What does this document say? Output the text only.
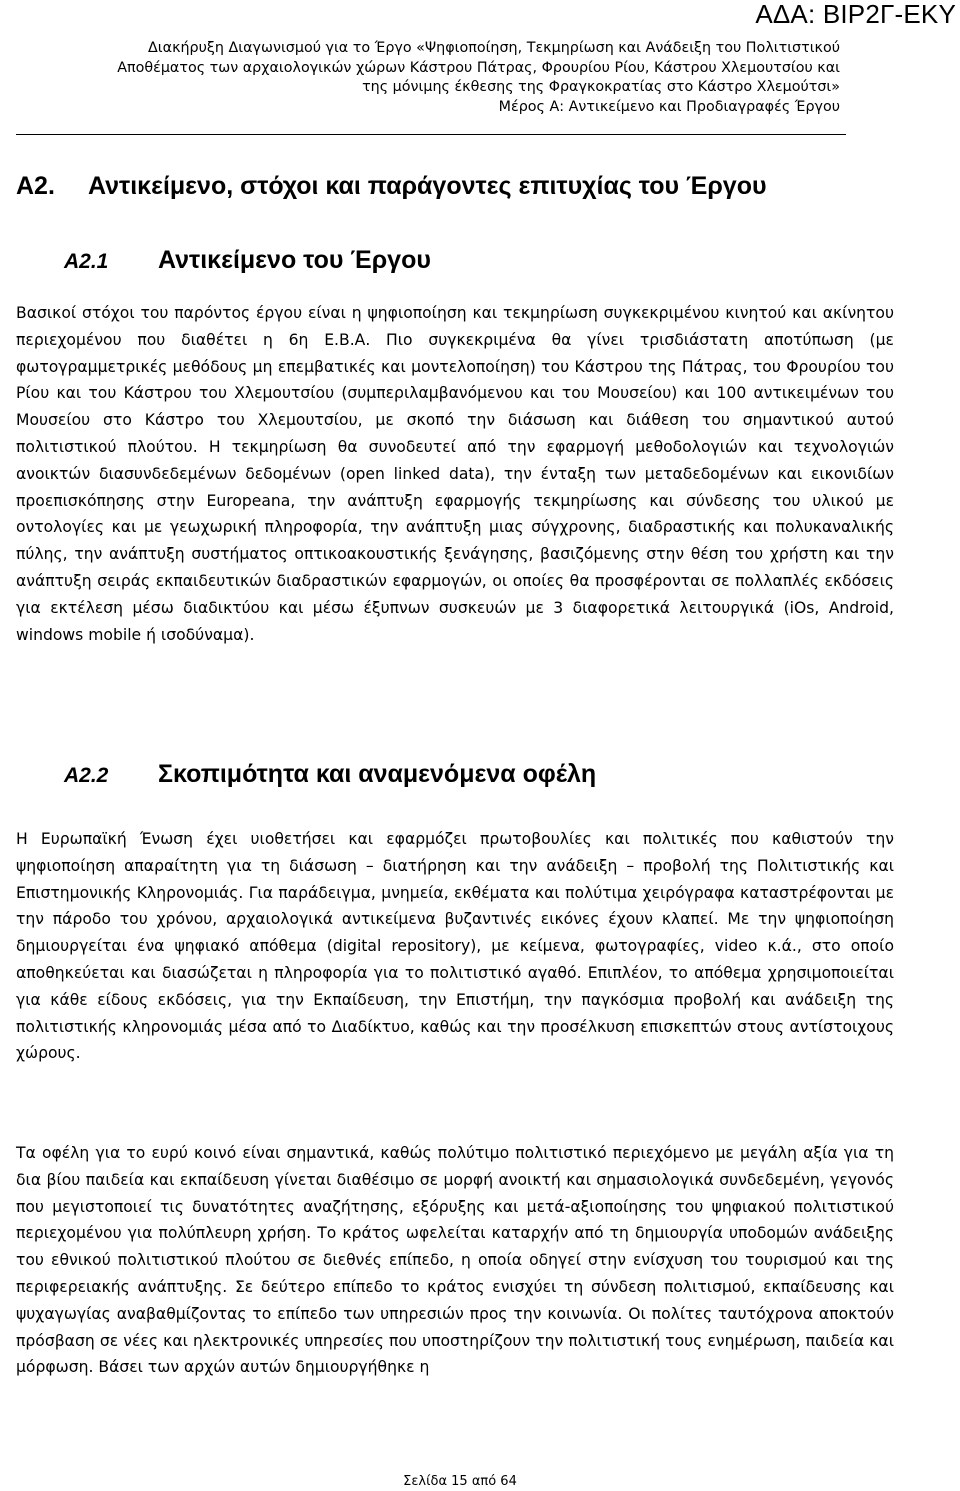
ΑΔΑ: ΒΙΡ2Γ-ΕΚΥ
Διακήρυξη Διαγωνισμού για το Έργο «Ψηφιοποίηση, Τεκμηρίωση και Ανάδειξη του Πολιτιστικού
Αποθέματος των αρχαιολογικών χώρων Κάστρου Πάτρας, Φρουρίου Ρίου, Κάστρου Χλεμουτσίου και
της μόνιμης έκθεσης της Φραγκοκρατίας στο Κάστρο Χλεμούτσι»
Μέρος Α: Αντικείμενο και Προδιαγραφές Έργου
Α2. Αντικείμενο, στόχοι και παράγοντες επιτυχίας του Έργου
Α2.1 Αντικείμενο του Έργου

Βασικοί στόχοι του παρόντος έργου είναι η ψηφιοποίηση και τεκμηρίωση συγκεκριμένου κινητού και ακίνητου περιεχομένου που διαθέτει η 6η Ε.Β.Α. Πιο συγκεκριμένα θα γίνει τρισδιάστατη αποτύπωση (με φωτογραμμετρικές μεθόδους μη επεμβατικές και μοντελοποίηση) του Κάστρου της Πάτρας, του Φρουρίου του Ρίου και του Κάστρου του Χλεμουτσίου (συμπεριλαμβανόμενου και του Μουσείου) και 100 αντικειμένων του Μουσείου στο Κάστρο του Χλεμουτσίου, με σκοπό την διάσωση και διάθεση του σημαντικού αυτού πολιτιστικού πλούτου. Η τεκμηρίωση θα συνοδευτεί από την εφαρμογή μεθοδολογιών και τεχνολογιών ανοικτών διασυνδεδεμένων δεδομένων (open linked data), την ένταξη των μεταδεδομένων και εικονιδίων προεπισκόπησης στην Europeana, την ανάπτυξη εφαρμογής τεκμηρίωσης και σύνδεσης του υλικού με οντολογίες και με γεωχωρική πληροφορία, την ανάπτυξη μιας σύγχρονης, διαδραστικής και πολυκαναλικής πύλης, την ανάπτυξη συστήματος οπτικοακουστικής ξενάγησης, βασιζόμενης στην θέση του χρήστη και την ανάπτυξη σειράς εκπαιδευτικών διαδραστικών εφαρμογών, οι οποίες θα προσφέρονται σε πολλαπλές εκδόσεις για εκτέλεση μέσω διαδικτύου και μέσω έξυπνων συσκευών με 3 διαφορετικά λειτουργικά (iOs, Android, windows mobile ή ισοδύναμα).

Α2.2 Σκοπιμότητα και αναμενόμενα οφέλη

Η Ευρωπαϊκή Ένωση έχει υιοθετήσει και εφαρμόζει πρωτοβουλίες και πολιτικές που καθιστούν την ψηφιοποίηση απαραίτητη για τη διάσωση – διατήρηση και την ανάδειξη – προβολή της Πολιτιστικής και Επιστημονικής Κληρονομιάς. Για παράδειγμα, μνημεία, εκθέματα και πολύτιμα χειρόγραφα καταστρέφονται με την πάροδο του χρόνου, αρχαιολογικά αντικείμενα βυζαντινές εικόνες έχουν κλαπεί. Με την ψηφιοποίηση δημιουργείται ένα ψηφιακό απόθεμα (digital repository), με κείμενα, φωτογραφίες, video κ.ά., στο οποίο αποθηκεύεται και διασώζεται η πληροφορία για το πολιτιστικό αγαθό. Επιπλέον, το απόθεμα χρησιμοποιείται για κάθε είδους εκδόσεις, για την Εκπαίδευση, την Επιστήμη, την παγκόσμια προβολή και ανάδειξη της πολιτιστικής κληρονομιάς μέσα από το Διαδίκτυο, καθώς και την προσέλκυση επισκεπτών στους αντίστοιχους χώρους.

Τα οφέλη για το ευρύ κοινό είναι σημαντικά, καθώς πολύτιμο πολιτιστικό περιεχόμενο με μεγάλη αξία για τη δια βίου παιδεία και εκπαίδευση γίνεται διαθέσιμο σε μορφή ανοικτή και σημασιολογικά συνδεδεμένη, γεγονός που μεγιστοποιεί τις δυνατότητες αναζήτησης, εξόρυξης και μετά-αξιοποίησης του ψηφιακού πολιτιστικού περιεχομένου για πολύπλευρη χρήση. Το κράτος ωφελείται καταρχήν από τη δημιουργία υποδομών ανάδειξης του εθνικού πολιτιστικού πλούτου σε διεθνές επίπεδο, η οποία οδηγεί στην ενίσχυση του τουρισμού και της περιφερειακής ανάπτυξης. Σε δεύτερο επίπεδο το κράτος ενισχύει τη σύνδεση πολιτισμού, εκπαίδευσης και ψυχαγωγίας αναβαθμίζοντας το επίπεδο των υπηρεσιών προς την κοινωνία. Οι πολίτες ταυτόχρονα αποκτούν πρόσβαση σε νέες και ηλεκτρονικές υπηρεσίες που υποστηρίζουν την πολιτιστική τους ενημέρωση, παιδεία και μόρφωση. Βάσει των αρχών αυτών δημιουργήθηκε η

Σελίδα 15 από 64
